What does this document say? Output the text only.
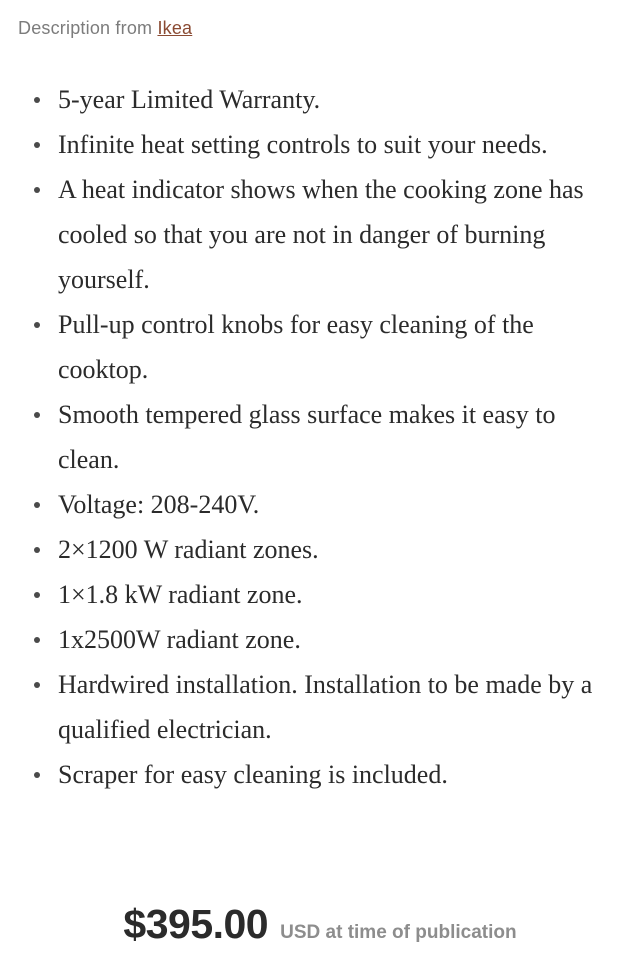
Description from Ikea
5-year Limited Warranty.
Infinite heat setting controls to suit your needs.
A heat indicator shows when the cooking zone has cooled so that you are not in danger of burning yourself.
Pull-up control knobs for easy cleaning of the cooktop.
Smooth tempered glass surface makes it easy to clean.
Voltage: 208-240V.
2×1200 W radiant zones.
1×1.8 kW radiant zone.
1x2500W radiant zone.
Hardwired installation. Installation to be made by a qualified electrician.
Scraper for easy cleaning is included.
$395.00 USD at time of publication
